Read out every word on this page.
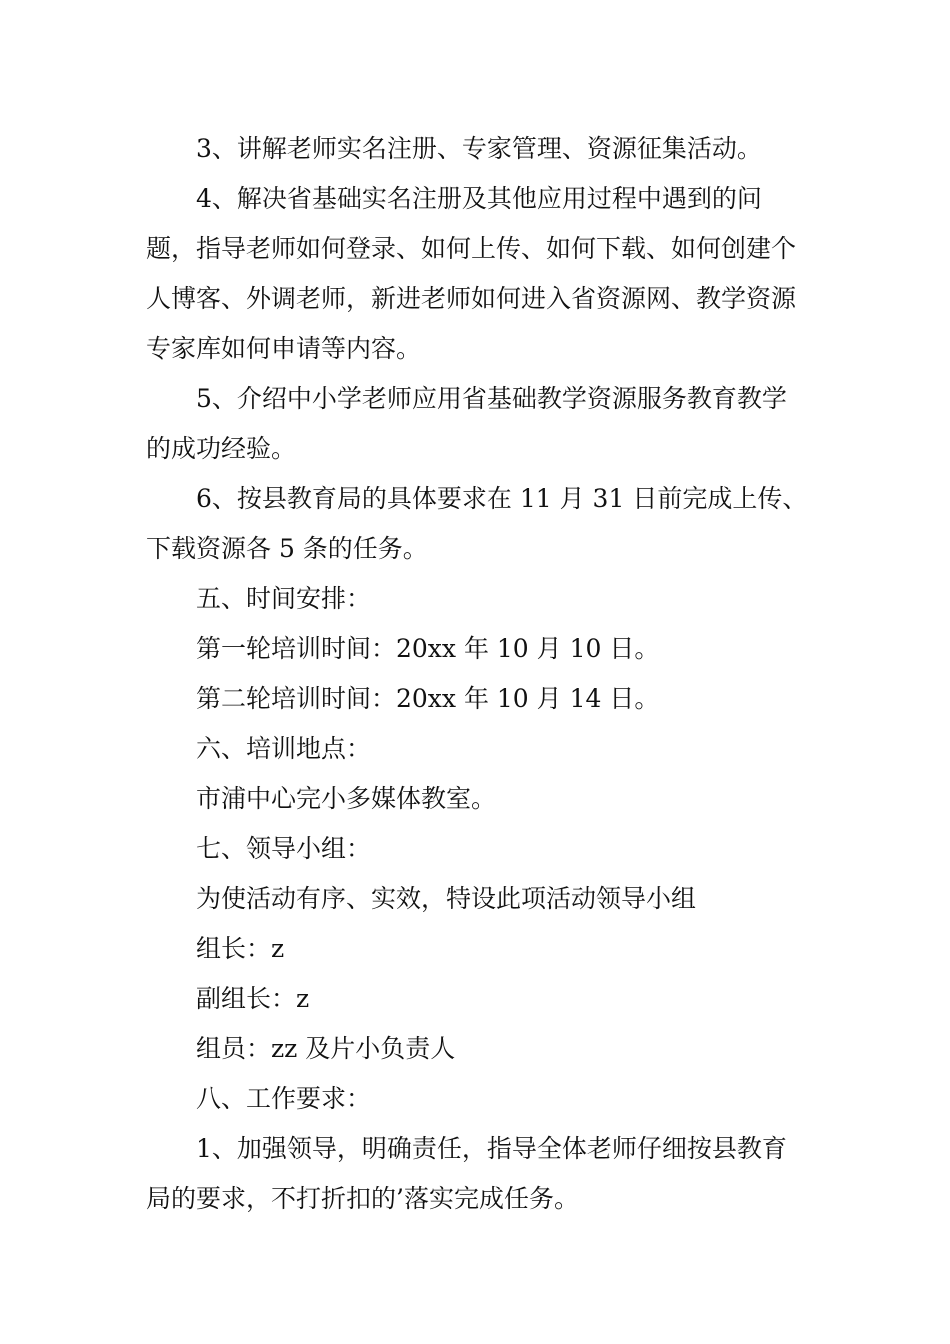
3、讲解老师实名注册、专家管理、资源征集活动。

4、解决省基础实名注册及其他应用过程中遇到的问题，指导老师如何登录、如何上传、如何下载、如何创建个人博客、外调老师，新进老师如何进入省资源网、教学资源专家库如何申请等内容。

5、介绍中小学老师应用省基础教学资源服务教育教学的成功经验。

6、按县教育局的具体要求在 11 月 31 日前完成上传、下载资源各 5 条的任务。

五、时间安排：

第一轮培训时间：20xx 年 10 月 10 日。

第二轮培训时间：20xx 年 10 月 14 日。

六、培训地点：

市浦中心完小多媒体教室。

七、领导小组：

为使活动有序、实效，特设此项活动领导小组

组长：z

副组长：z

组员：zz 及片小负责人

八、工作要求：

1、加强领导，明确责任，指导全体老师仔细按县教育局的要求，不打折扣的’落实完成任务。
